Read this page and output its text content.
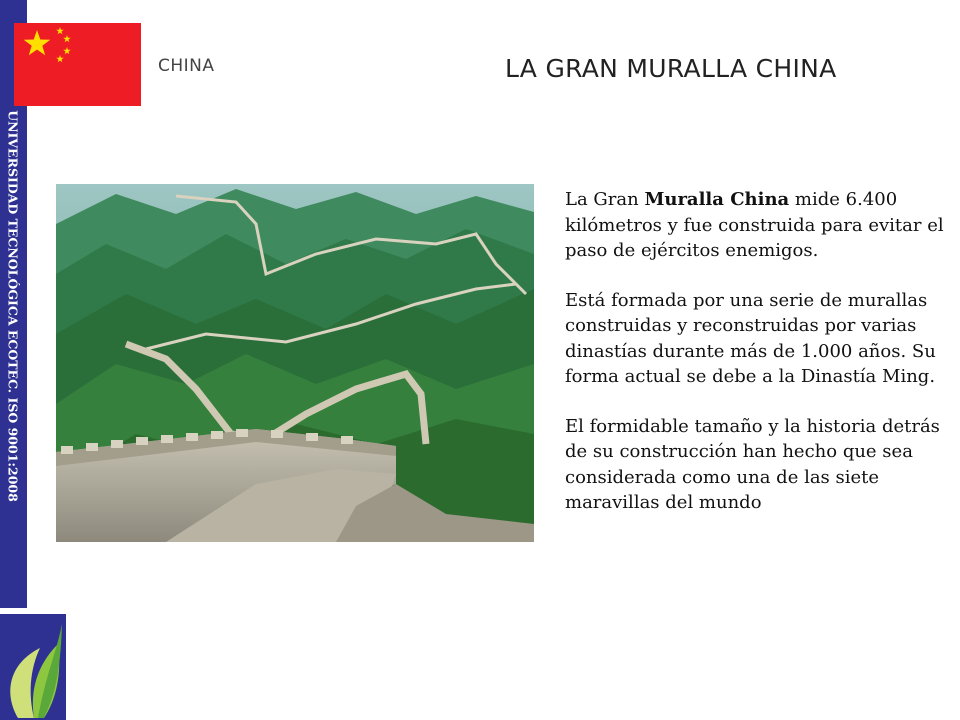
UNIVERSIDAD TECNOLÓGICA ECOTEC. ISO 9001:2008
CHINA	LA GRAN MURALLA CHINA

La Gran Muralla China mide 6.400 kilómetros y fue construida para evitar el paso de ejércitos enemigos.

Está formada por una serie de murallas construidas y reconstruidas por varias dinastías durante más de 1.000 años. Su forma actual se debe a la Dinastía Ming.

El formidable tamaño y la historia detrás de su construcción han hecho que sea considerada como una de las siete maravillas del mundo
